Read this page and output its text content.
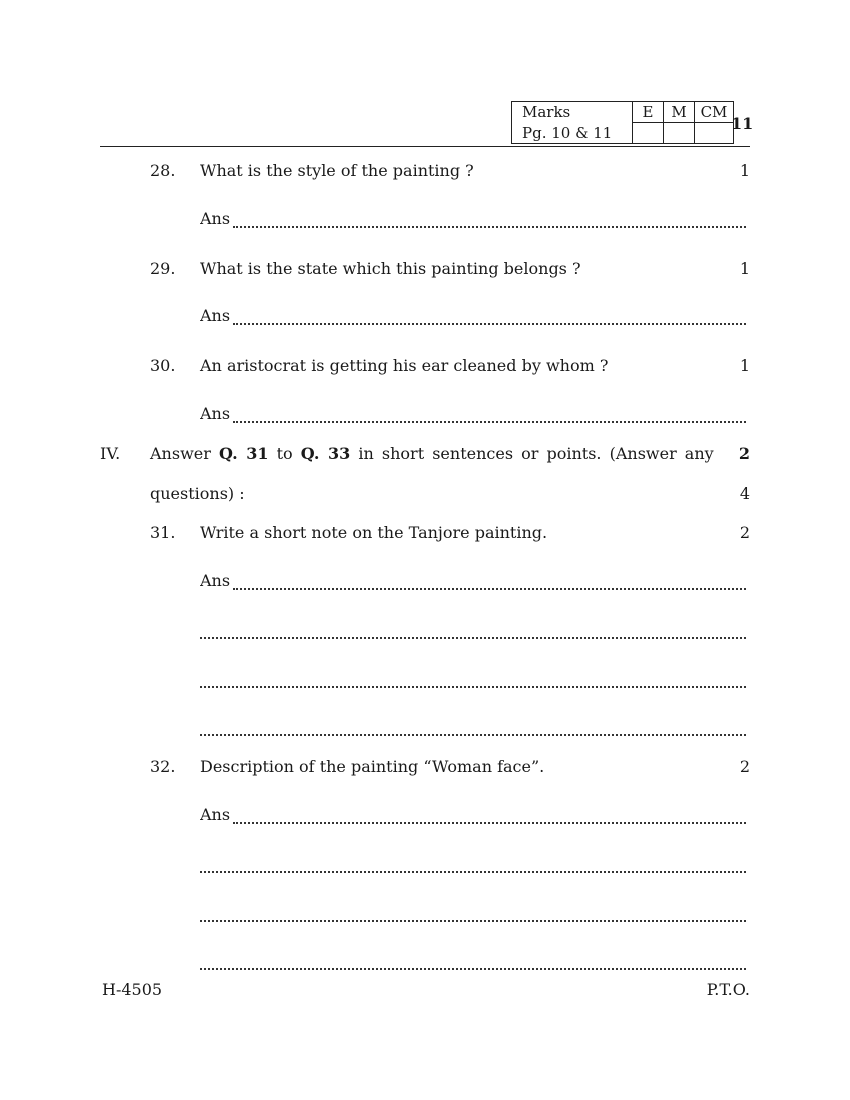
Marks	E	M	CM
Pg. 10 & 11				11
28. What is the style of the painting ?	1
Ans
29. What is the state which this painting belongs ?	1
Ans
30. An aristocrat is getting his ear cleaned by whom ?	1
Ans
IV. Answer Q. 31 to Q. 33 in short sentences or points. (Answer any	2
questions) :	4
31. Write a short note on the Tanjore painting.	2
Ans
32. Description of the painting “Woman face”.	2
Ans
H-4505	P.T.O.
